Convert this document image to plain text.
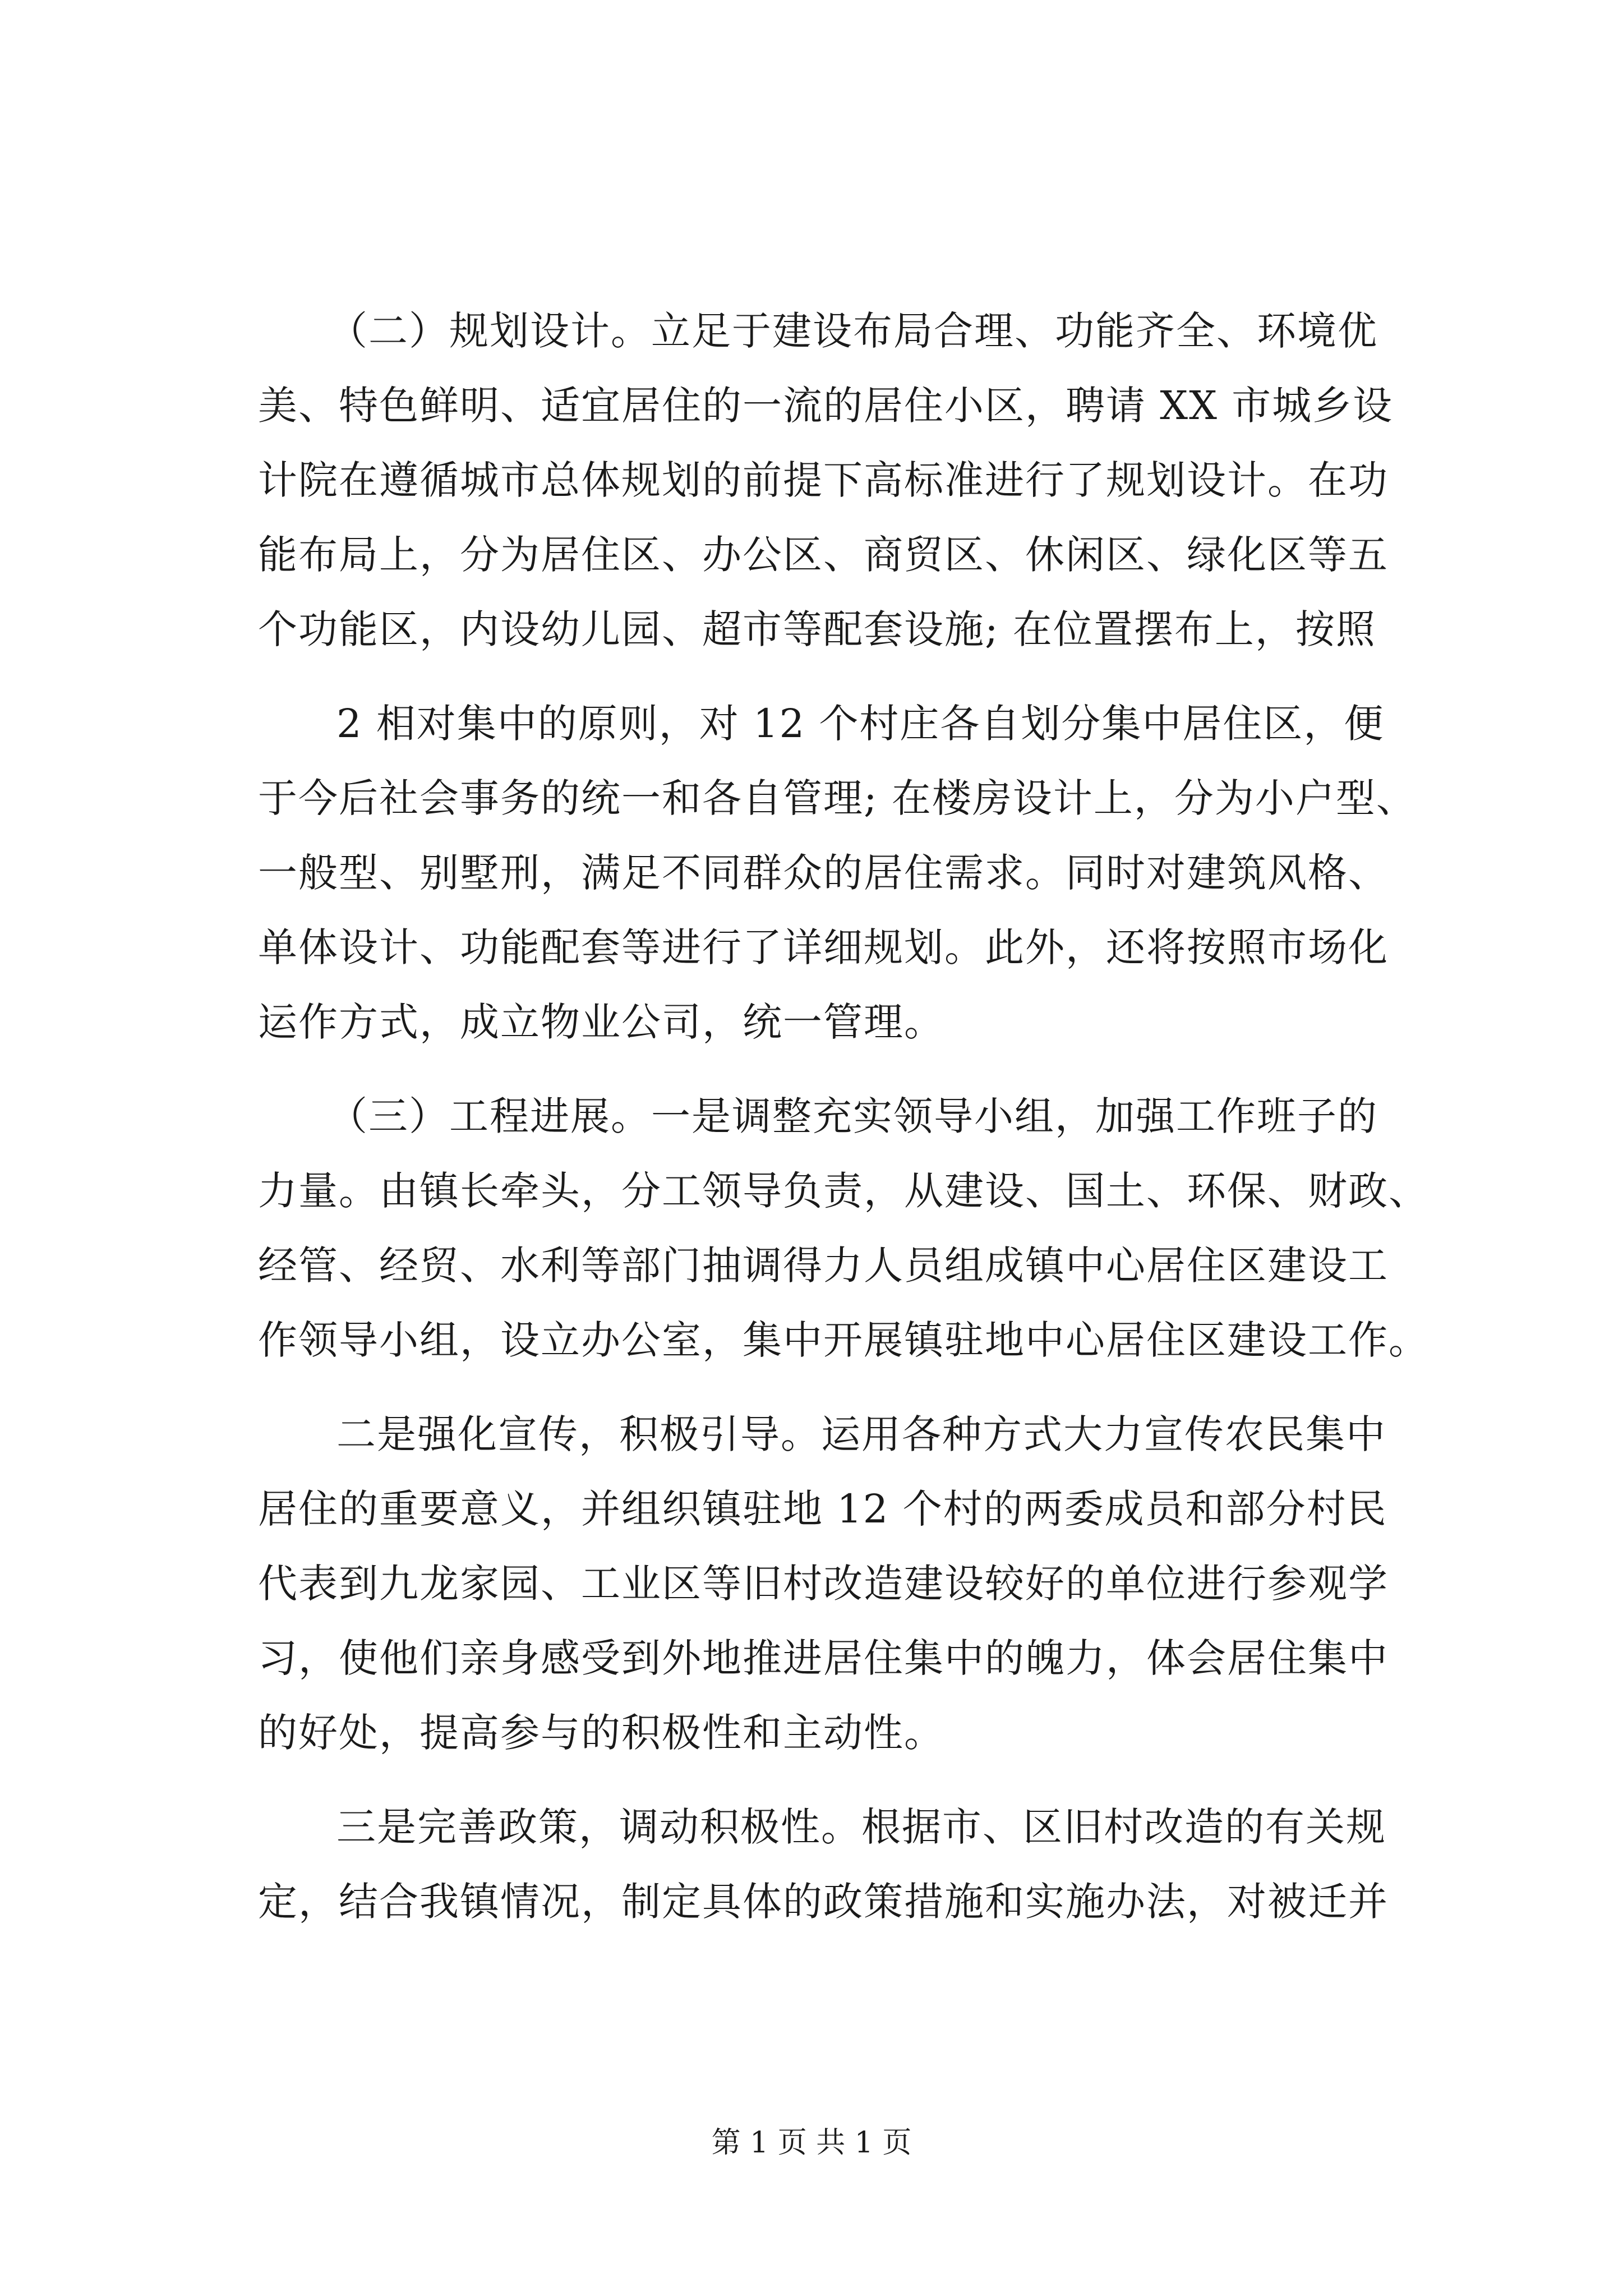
（二）规划设计。立足于建设布局合理、功能齐全、环境优
美、特色鲜明、适宜居住的一流的居住小区，聘请 XX 市城乡设
计院在遵循城市总体规划的前提下高标准进行了规划设计。在功
能布局上，分为居住区、办公区、商贸区、休闲区、绿化区等五
个功能区，内设幼儿园、超市等配套设施; 在位置摆布上，按照
2 相对集中的原则，对 12 个村庄各自划分集中居住区，便
于今后社会事务的统一和各自管理; 在楼房设计上，分为小户型、
一般型、别墅刑，满足不同群众的居住需求。同时对建筑风格、
单体设计、功能配套等进行了详细规划。此外，还将按照市场化
运作方式，成立物业公司，统一管理。
（三）工程进展。一是调整充实领导小组，加强工作班子的
力量。由镇长牵头，分工领导负责，从建设、国土、环保、财政、
经管、经贸、水利等部门抽调得力人员组成镇中心居住区建设工
作领导小组，设立办公室，集中开展镇驻地中心居住区建设工作。
二是强化宣传，积极引导。运用各种方式大力宣传农民集中
居住的重要意义，并组织镇驻地 12 个村的两委成员和部分村民
代表到九龙家园、工业区等旧村改造建设较好的单位进行参观学
习，使他们亲身感受到外地推进居住集中的魄力，体会居住集中
的好处，提高参与的积极性和主动性。
三是完善政策，调动积极性。根据市、区旧村改造的有关规
定，结合我镇情况，制定具体的政策措施和实施办法，对被迁并
第 1 页 共 1 页
